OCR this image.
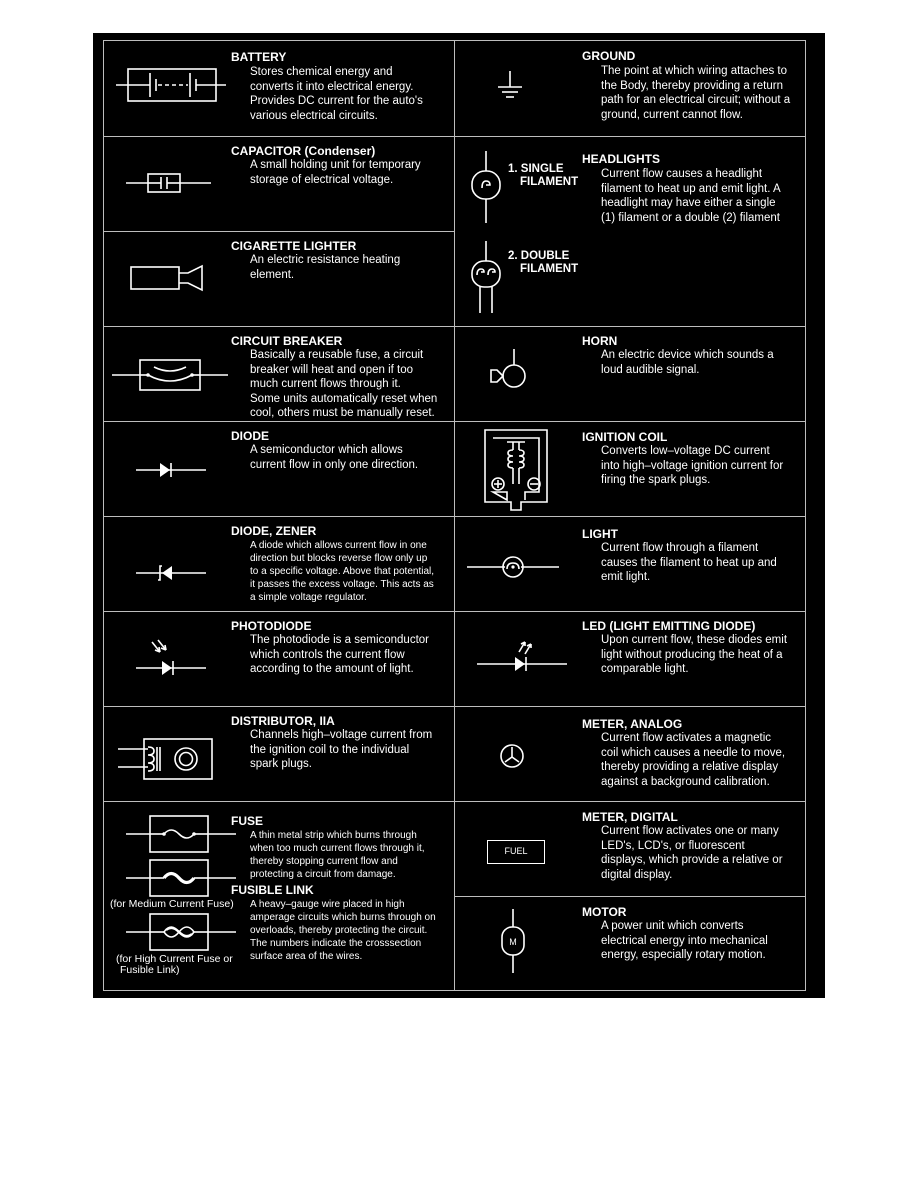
BATTERY
Stores chemical energy and
converts it into electrical energy.
Provides DC current for the auto's
various electrical circuits.
CAPACITOR (Condenser)
A small holding unit for temporary
storage of electrical voltage.
CIGARETTE LIGHTER
An electric resistance heating
element.
CIRCUIT BREAKER
Basically a reusable fuse, a circuit
breaker will heat and open if too
much current flows through it.
Some units automatically reset when
cool, others must be manually reset.
DIODE
A semiconductor which allows
current flow in only one direction.
DIODE, ZENER
A diode which allows current flow in one
direction but blocks reverse flow only up
to a specific voltage. Above that potential,
it passes the excess voltage. This acts as
a simple voltage regulator.
PHOTODIODE
The photodiode is a semiconductor
which controls the current flow
according to the amount of light.
DISTRIBUTOR, IIA
Channels high–voltage current from
the ignition coil to the individual
spark plugs.
(for Medium Current Fuse)
(for High Current Fuse or
Fusible Link)
FUSE
A thin metal strip which burns through
when too much current flows through it,
thereby stopping current flow and
protecting a circuit from damage.
FUSIBLE LINK
A heavy–gauge wire placed in high
amperage circuits which burns through on
overloads, thereby protecting the circuit.
The numbers indicate the crosssection
surface area of the wires.
GROUND
The point at which wiring attaches to
the Body, thereby providing a return
path for an electrical circuit; without a
ground, current cannot flow.
1. SINGLE
FILAMENT
2. DOUBLE
FILAMENT
HEADLIGHTS
Current flow causes a headlight
filament to heat up and emit light. A
headlight may have either a single
(1) filament or a double (2) filament
HORN
An electric device which sounds a
loud audible signal.
IGNITION COIL
Converts low–voltage DC current
into high–voltage ignition current for
firing the spark plugs.
LIGHT
Current flow through a filament
causes the filament to heat up and
emit light.
LED (LIGHT EMITTING DIODE)
Upon current flow, these diodes emit
light without producing the heat of a
comparable light.
METER, ANALOG
Current flow activates a magnetic
coil which causes a needle to move,
thereby providing a relative display
against a background calibration.
FUEL
METER, DIGITAL
Current flow activates one or many
LED's, LCD's, or fluorescent
displays, which provide a relative or
digital display.
M
MOTOR
A power unit which converts
electrical energy into mechanical
energy, especially rotary motion.
